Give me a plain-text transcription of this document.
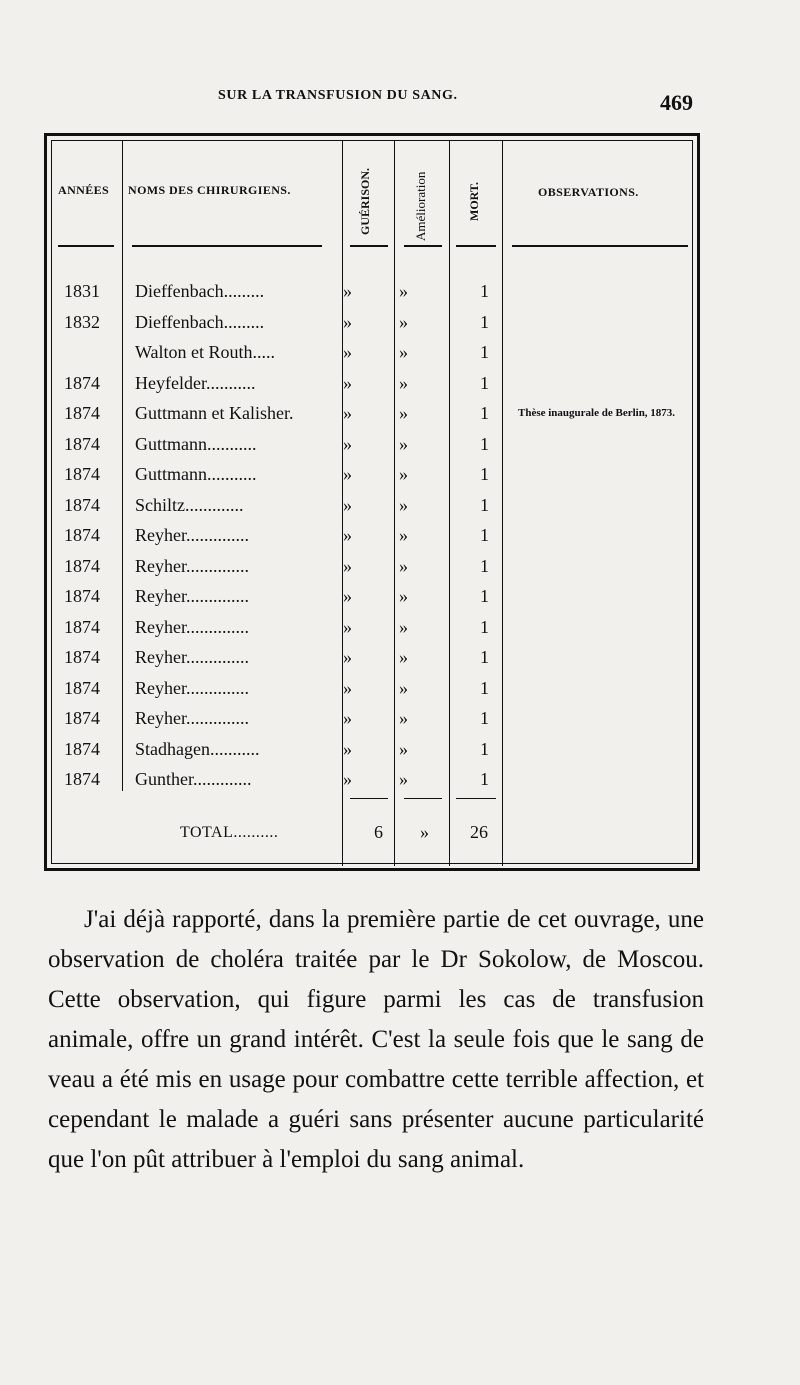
SUR LA TRANSFUSION DU SANG.	469
ANNÉES NOMS DES CHIRURGIENS.	GUÉRISON.	Amélioration	MORT.	OBSERVATIONS.
1831 Dieffenbach.........	»	»	1
1832 Dieffenbach.........	»	»	1
Walton et Routh.....	»	»	1
1874 Heyfelder...........	»	»	1
1874 Guttmann et Kalisher.	»	»	1	Thèse inaugurale de Berlin, 1873.
1874 Guttmann...........	»	»	1
1874 Guttmann...........	»	»	1
1874 Schiltz.............	»	»	1
1874 Reyher..............	»	»	1
1874 Reyher..............	»	»	1
1874 Reyher..............	»	»	1
1874 Reyher..............	»	»	1
1874 Reyher..............	»	»	1
1874 Reyher..............	»	»	1
1874 Reyher..............	»	»	1
1874 Stadhagen...........	»	»	1
1874 Gunther.............	»	»	1
TOTAL..........	6 » 26

J'ai déjà rapporté, dans la première partie de cet ouvrage, une observation de choléra traitée par le Dr Sokolow, de Moscou. Cette observation, qui figure parmi les cas de transfusion animale, offre un grand intérêt. C'est la seule fois que le sang de veau a été mis en usage pour combattre cette terrible affection, et cependant le malade a guéri sans présenter aucune particularité que l'on pût attribuer à l'emploi du sang animal.
